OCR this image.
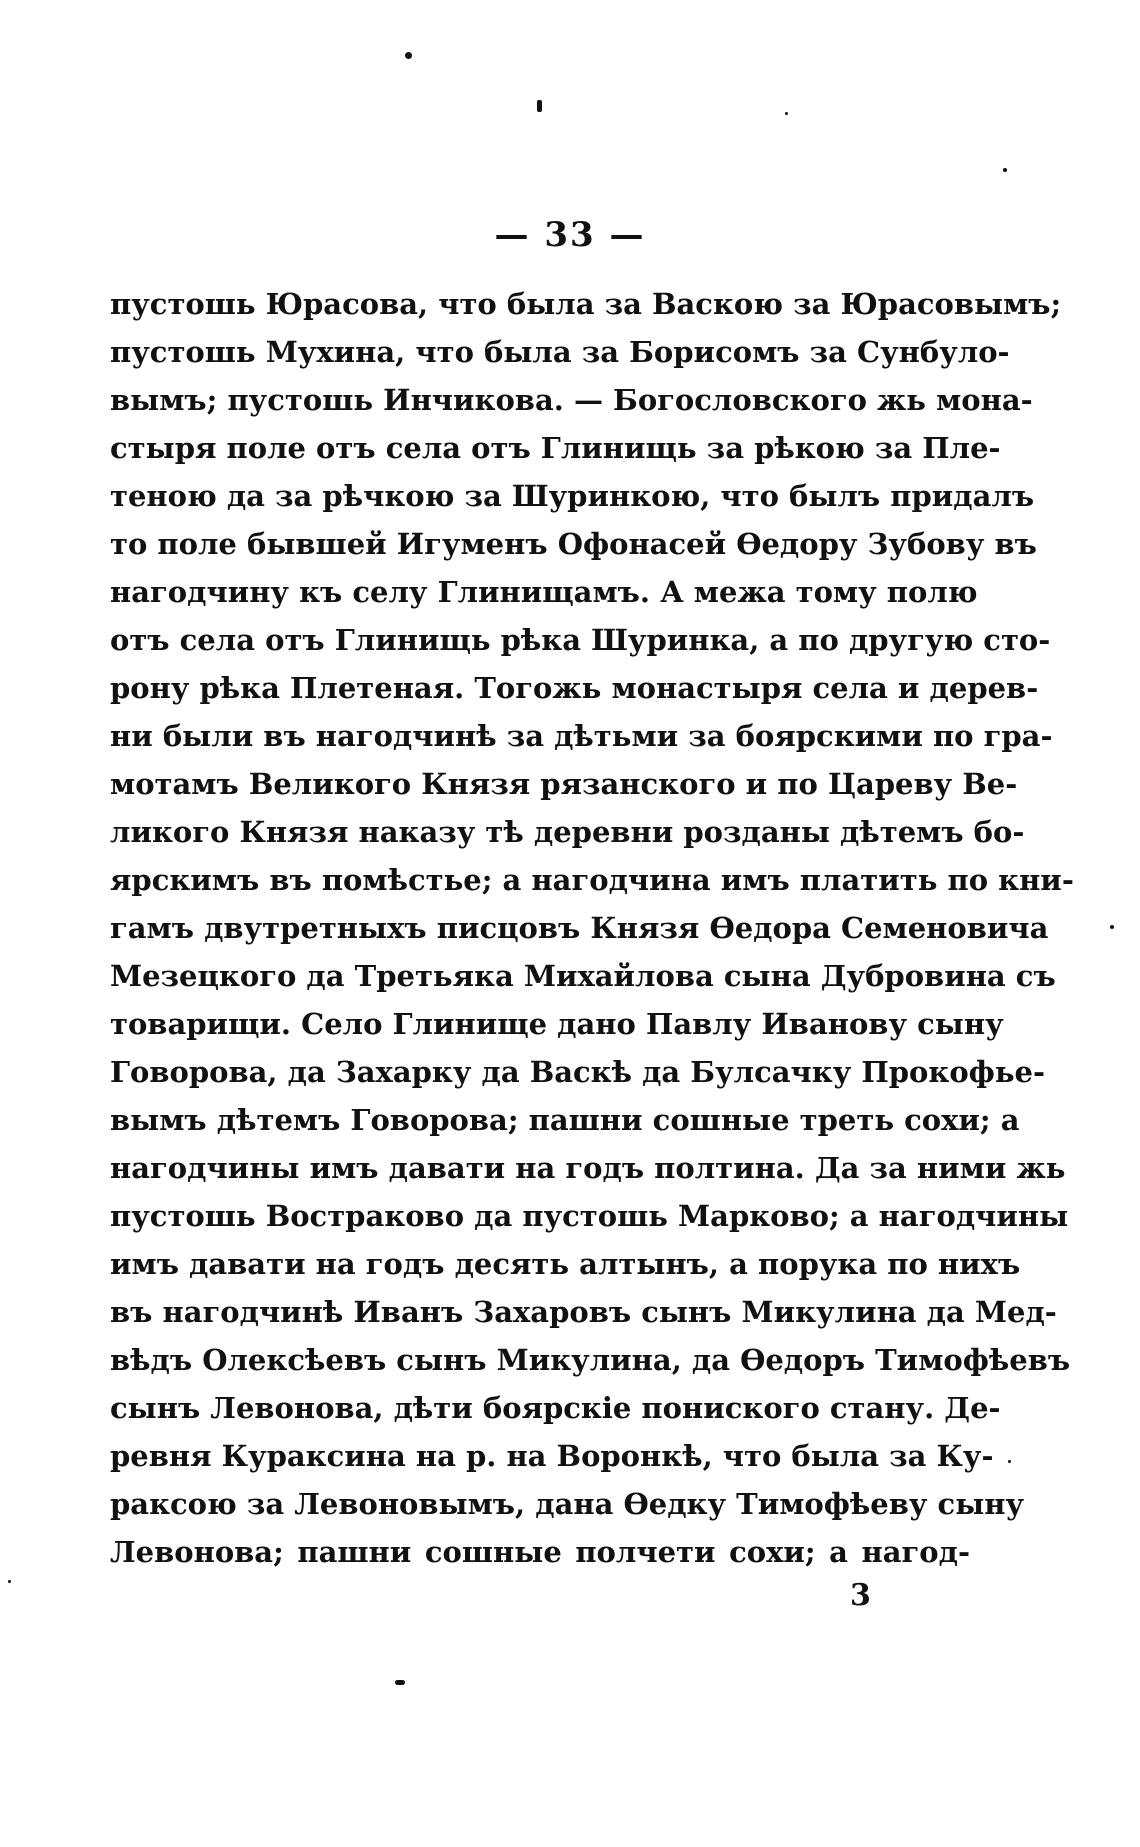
— 33 —
пустошь Юрасова, что была за Васкою за Юрасовымъ;
пустошь Мухина, что была за Борисомъ за Сунбуло-
вымъ; пустошь Инчикова. — Богословского жь мона-
стыря поле отъ села отъ Глинищь за рѣкою за Пле-
теною да за рѣчкою за Шуринкою, что былъ придалъ
то поле бывшей Игуменъ Офонасей Ѳедору Зубову въ
нагодчину къ селу Глинищамъ. А межа тому полю
отъ села отъ Глинищь рѣка Шуринка, а по другую сто-
рону рѣка Плетеная. Тогожь монастыря села и дерев-
ни были въ нагодчинѣ за дѣтьми за боярскими по гра-
мотамъ Великого Князя рязанского и по Цареву Ве-
ликого Князя наказу тѣ деревни розданы дѣтемъ бо-
ярскимъ въ помѣстье; а нагодчина имъ платить по кни-
гамъ двутретныхъ писцовъ Князя Ѳедора Семеновича
Мезецкого да Третьяка Михайлова сына Дубровина съ
товарищи. Село Глинище дано Павлу Иванову сыну
Говорова, да Захарку да Васкѣ да Булсачку Прокофье-
вымъ дѣтемъ Говорова; пашни сошные треть сохи; а
нагодчины имъ давати на годъ полтина. Да за ними жь
пустошь Востраково да пустошь Марково; а нагодчины
имъ давати на годъ десять алтынъ, а порука по нихъ
въ нагодчинѣ Иванъ Захаровъ сынъ Микулина да Мед-
вѣдъ Олексѣевъ сынъ Микулина, да Ѳедоръ Тимофѣевъ
сынъ Левонова, дѣти боярскіе пониского стану. Де-
ревня Кураксина на р. на Воронкѣ, что была за Ку-
раксою за Левоновымъ, дана Ѳедку Тимофѣеву сыну
Левонова; пашни сошные полчети сохи; а нагод-
3
